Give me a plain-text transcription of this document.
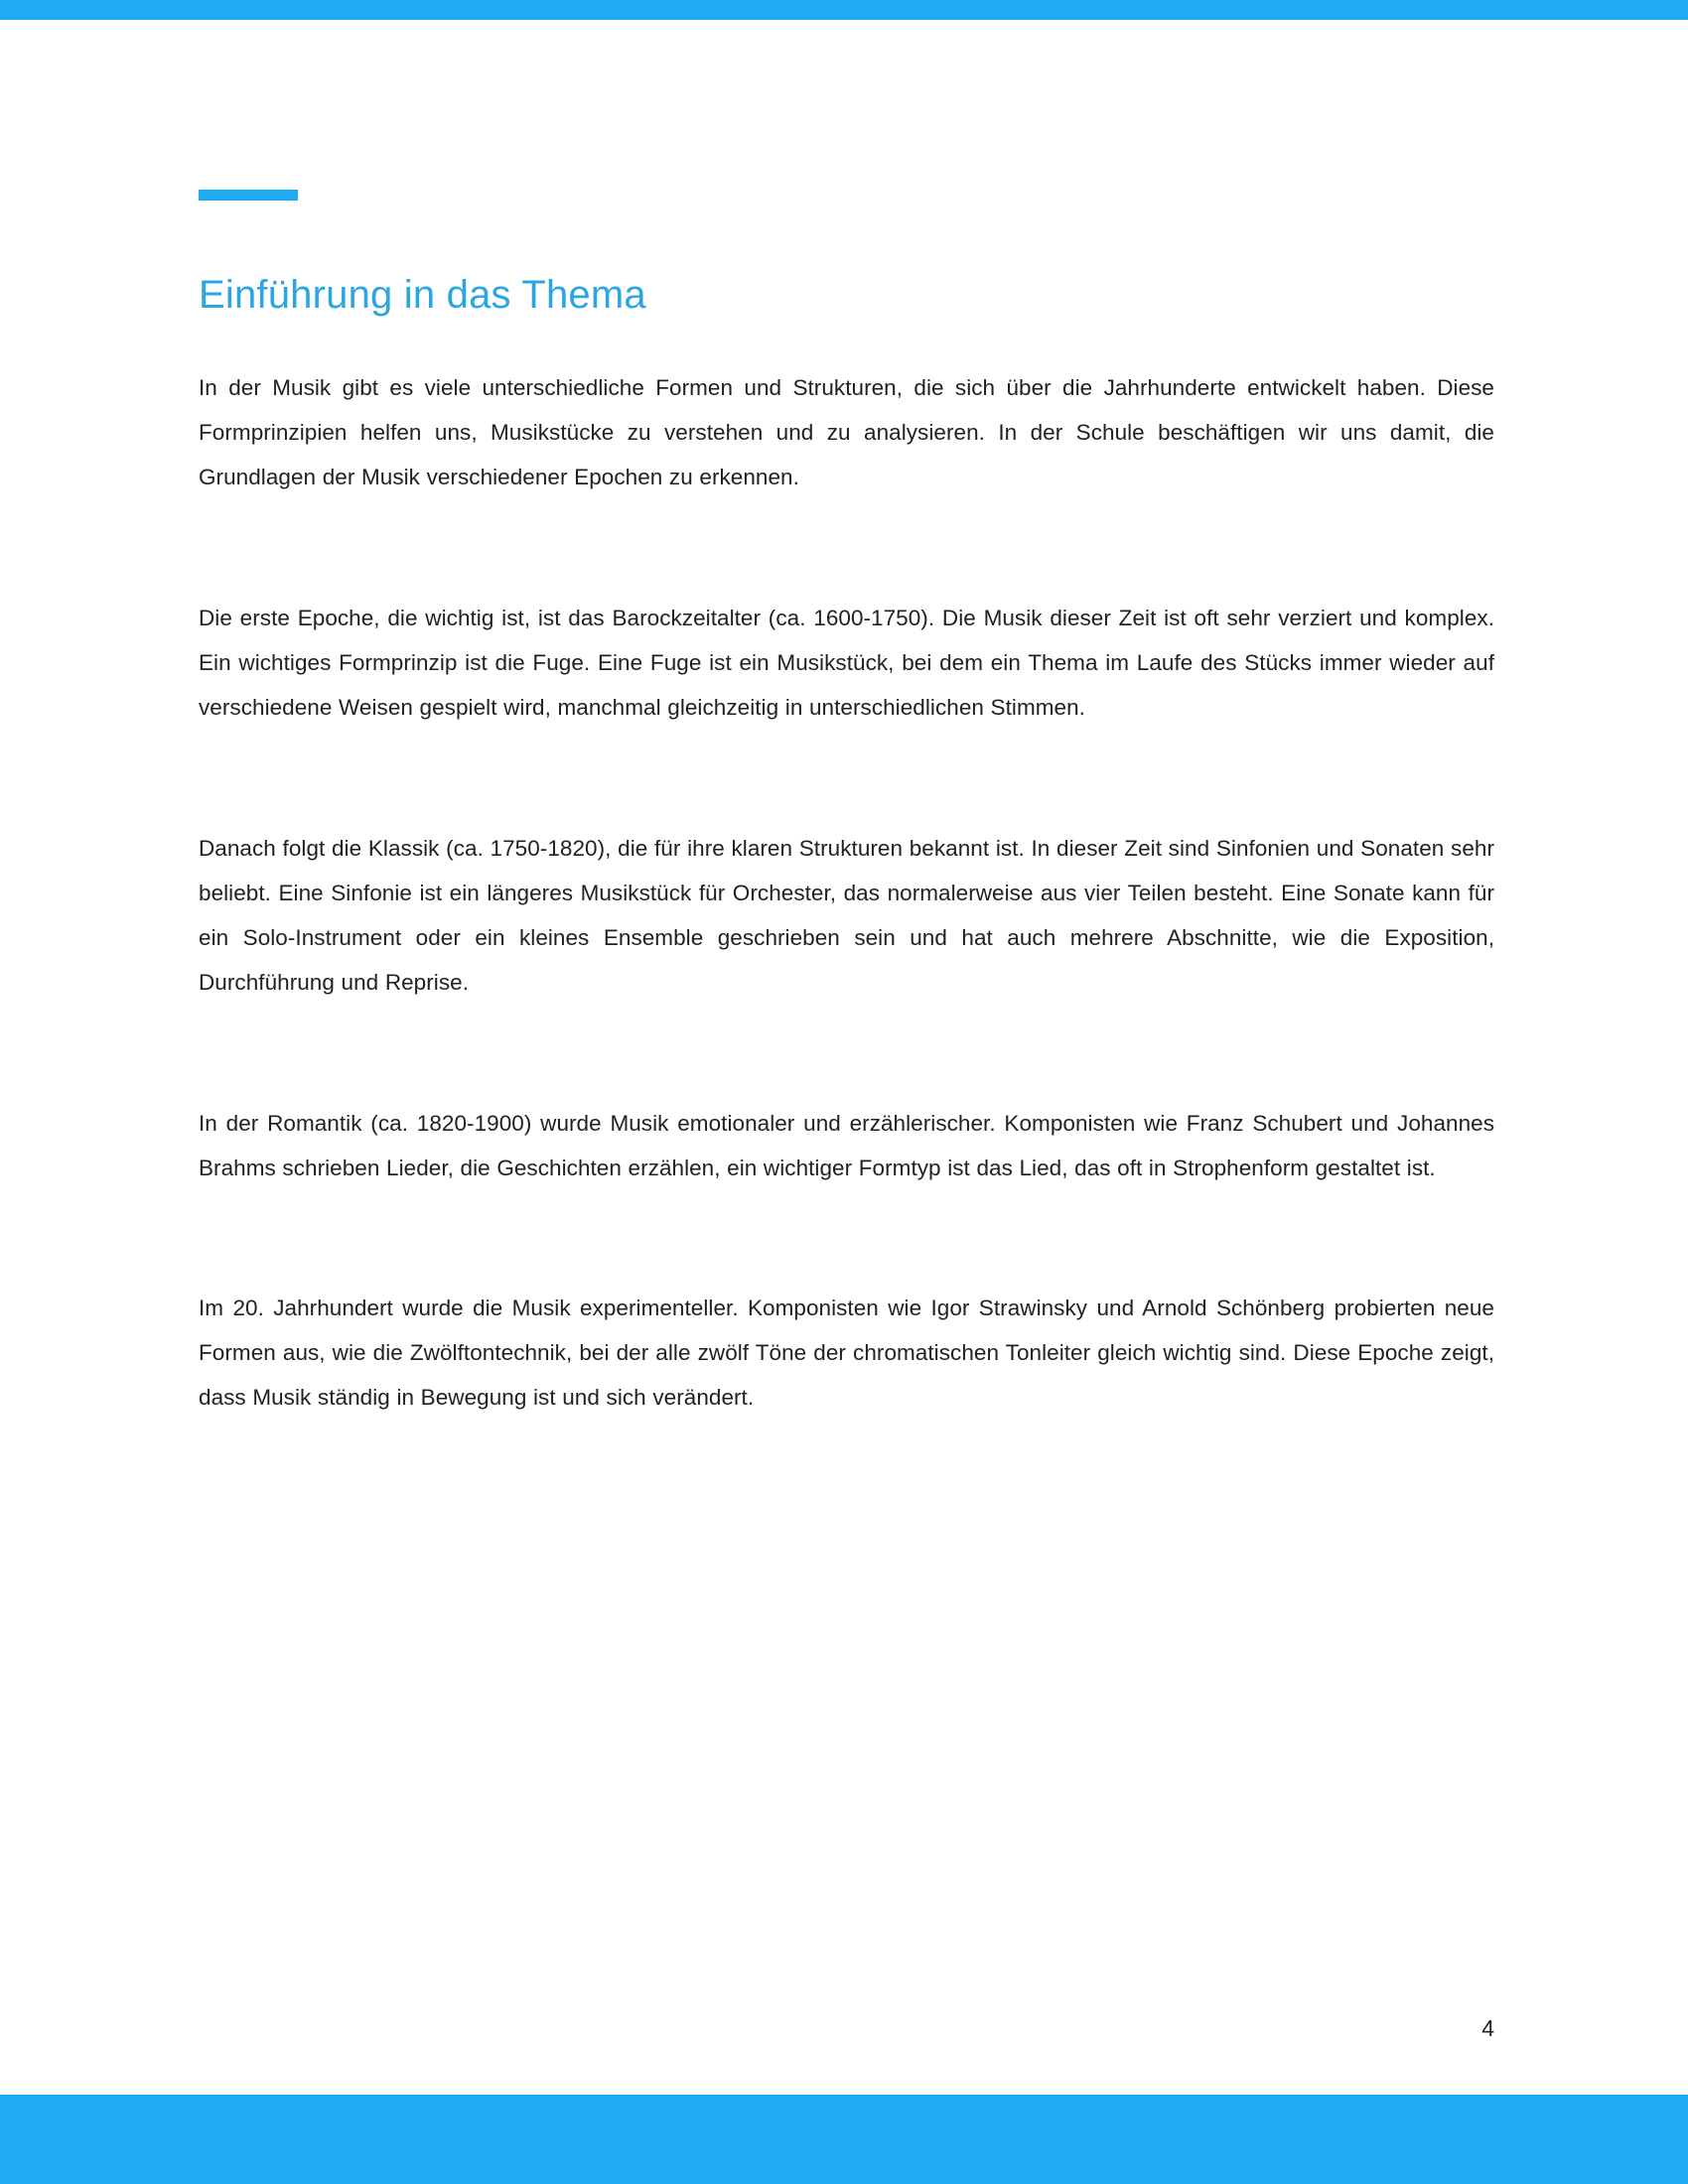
Einführung in das Thema

In der Musik gibt es viele unterschiedliche Formen und Strukturen, die sich über die Jahrhunderte entwickelt haben. Diese Formprinzipien helfen uns, Musikstücke zu verstehen und zu analysieren. In der Schule beschäftigen wir uns damit, die Grundlagen der Musik verschiedener Epochen zu erkennen.

Die erste Epoche, die wichtig ist, ist das Barockzeitalter (ca. 1600-1750). Die Musik dieser Zeit ist oft sehr verziert und komplex. Ein wichtiges Formprinzip ist die Fuge. Eine Fuge ist ein Musikstück, bei dem ein Thema im Laufe des Stücks immer wieder auf verschiedene Weisen gespielt wird, manchmal gleichzeitig in unterschiedlichen Stimmen.

Danach folgt die Klassik (ca. 1750-1820), die für ihre klaren Strukturen bekannt ist. In dieser Zeit sind Sinfonien und Sonaten sehr beliebt. Eine Sinfonie ist ein längeres Musikstück für Orchester, das normalerweise aus vier Teilen besteht. Eine Sonate kann für ein Solo-Instrument oder ein kleines Ensemble geschrieben sein und hat auch mehrere Abschnitte, wie die Exposition, Durchführung und Reprise.

In der Romantik (ca. 1820-1900) wurde Musik emotionaler und erzählerischer. Komponisten wie Franz Schubert und Johannes Brahms schrieben Lieder, die Geschichten erzählen, ein wichtiger Formtyp ist das Lied, das oft in Strophenform gestaltet ist.

Im 20. Jahrhundert wurde die Musik experimenteller. Komponisten wie Igor Strawinsky und Arnold Schönberg probierten neue Formen aus, wie die Zwölftontechnik, bei der alle zwölf Töne der chromatischen Tonleiter gleich wichtig sind. Diese Epoche zeigt, dass Musik ständig in Bewegung ist und sich verändert.

4
